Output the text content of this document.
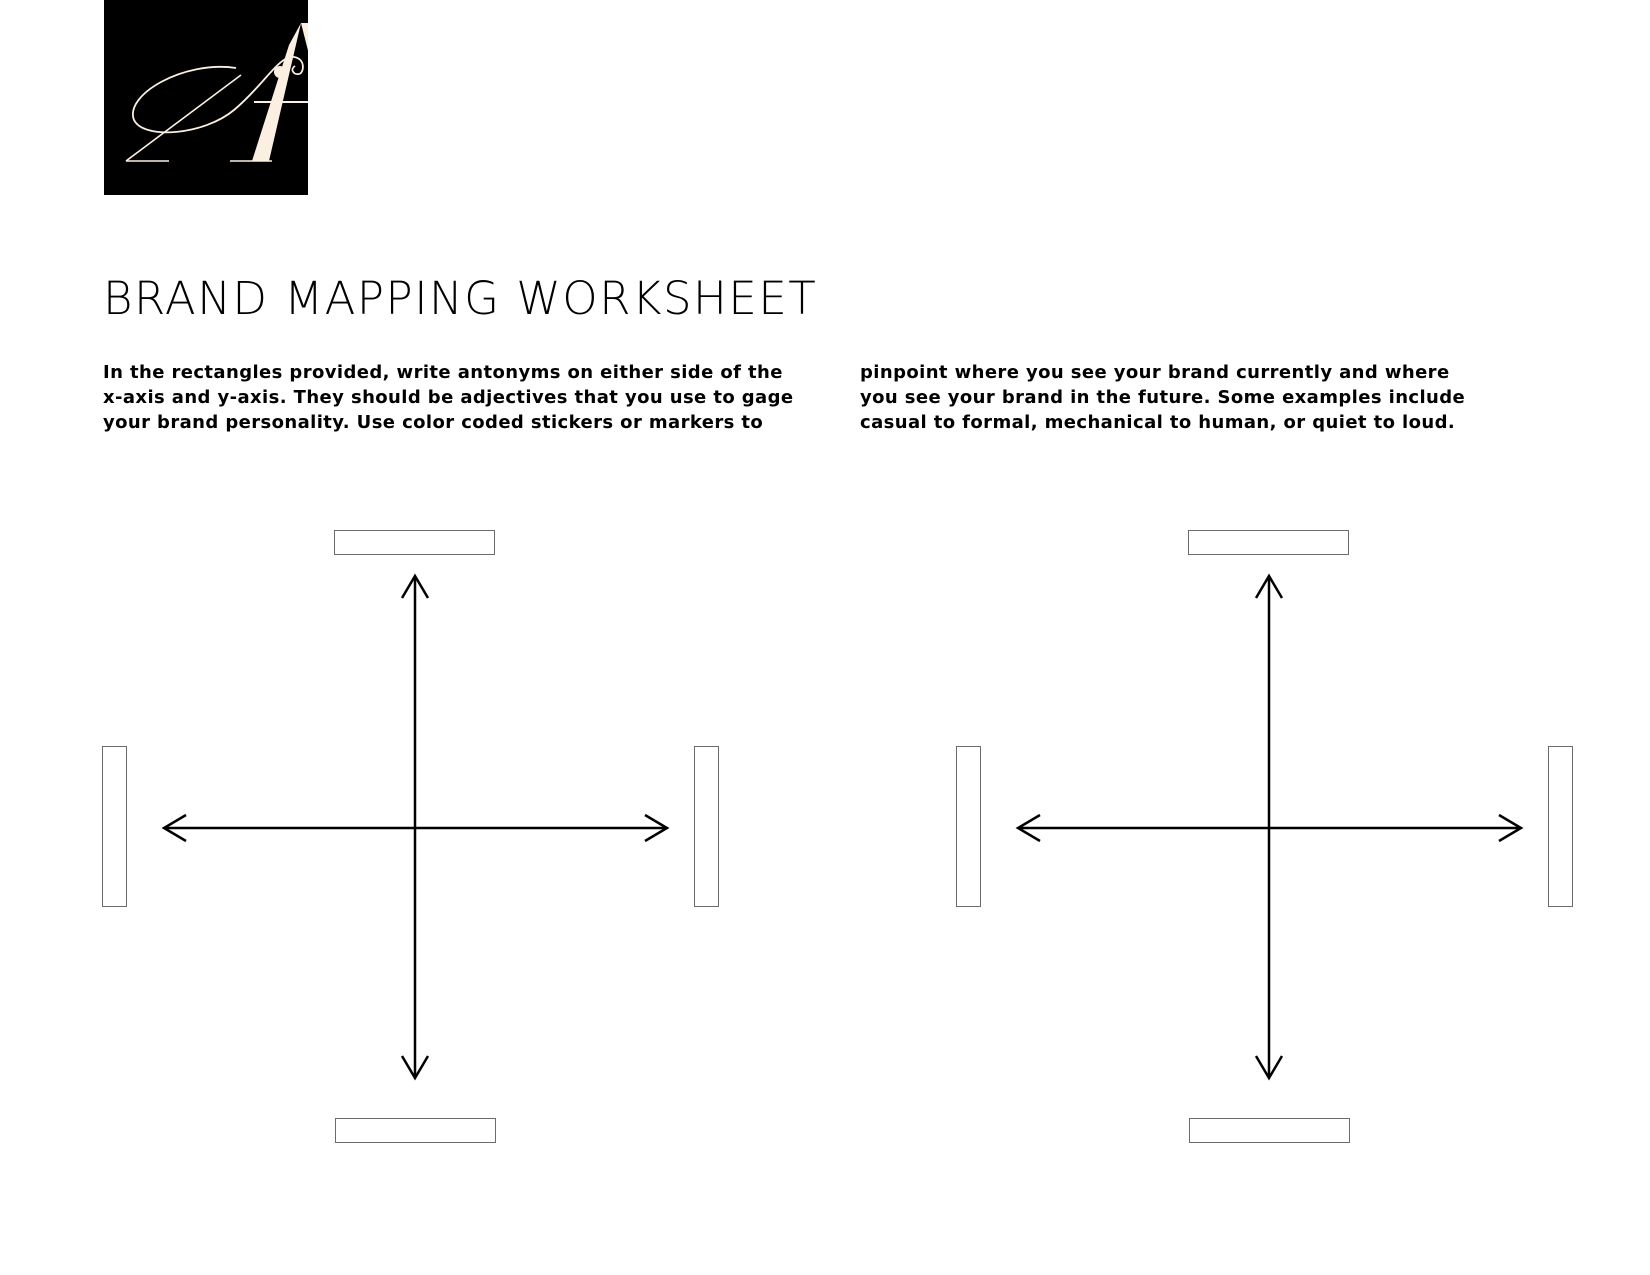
BRAND MAPPING WORKSHEET

In the rectangles provided, write antonyms on either side of the
x-axis and y-axis. They should be adjectives that you use to gage
your brand personality. Use color coded stickers or markers to

pinpoint where you see your brand currently and where
you see your brand in the future. Some examples include
casual to formal, mechanical to human, or quiet to loud.
